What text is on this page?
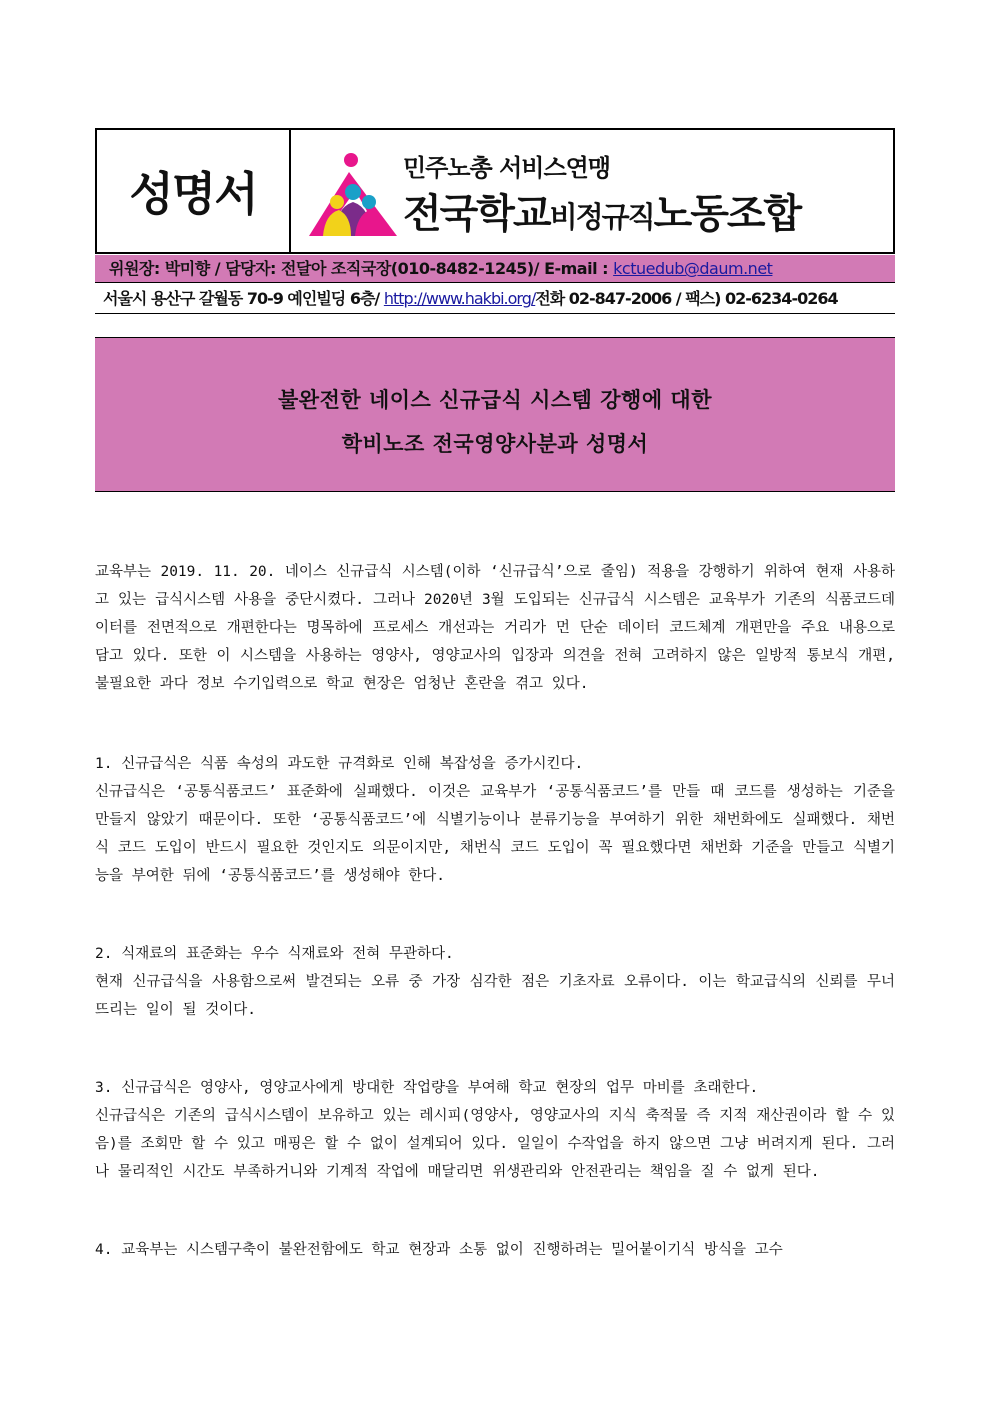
성명서	민주노총 서비스연맹
전국학교비정규직노동조합
위원장: 박미향 / 담당자: 전달아 조직국장(010-8482-1245)/ E-mail : kctuedub@daum.net
서울시 용산구 갈월동 70-9 예인빌딩 6층/ http://www.hakbi.org/전화 02-847-2006 / 팩스) 02-6234-0264
불완전한 네이스 신규급식 시스템 강행에 대한
학비노조 전국영양사분과 성명서

교육부는 2019. 11. 20. 네이스 신규급식 시스템(이하 ‘신규급식’으로 줄임) 적용을 강행하기 위하여 현재 사용하고 있는 급식시스템 사용을 중단시켰다. 그러나 2020년 3월 도입되는 신규급식 시스템은 교육부가 기존의 식품코드데이터를 전면적으로 개편한다는 명목하에 프로세스 개선과는 거리가 먼 단순 데이터 코드체계 개편만을 주요 내용으로 담고 있다. 또한 이 시스템을 사용하는 영양사, 영양교사의 입장과 의견을 전혀 고려하지 않은 일방적 통보식 개편, 불필요한 과다 정보 수기입력으로 학교 현장은 엄청난 혼란을 겪고 있다.

1. 신규급식은 식품 속성의 과도한 규격화로 인해 복잡성을 증가시킨다.

신규급식은 ‘공통식품코드’ 표준화에 실패했다. 이것은 교육부가 ‘공통식품코드’를 만들 때 코드를 생성하는 기준을 만들지 않았기 때문이다. 또한 ‘공통식품코드’에 식별기능이나 분류기능을 부여하기 위한 채번화에도 실패했다. 채번식 코드 도입이 반드시 필요한 것인지도 의문이지만, 채번식 코드 도입이 꼭 필요했다면 채번화 기준을 만들고 식별기능을 부여한 뒤에 ‘공통식품코드’를 생성해야 한다.

2. 식재료의 표준화는 우수 식재료와 전혀 무관하다.

현재 신규급식을 사용함으로써 발견되는 오류 중 가장 심각한 점은 기초자료 오류이다. 이는 학교급식의 신뢰를 무너뜨리는 일이 될 것이다.

3. 신규급식은 영양사, 영양교사에게 방대한 작업량을 부여해 학교 현장의 업무 마비를 초래한다.

신규급식은 기존의 급식시스템이 보유하고 있는 레시피(영양사, 영양교사의 지식 축적물 즉 지적 재산권이라 할 수 있음)를 조회만 할 수 있고 매핑은 할 수 없이 설계되어 있다. 일일이 수작업을 하지 않으면 그냥 버려지게 된다. 그러나 물리적인 시간도 부족하거니와 기계적 작업에 매달리면 위생관리와 안전관리는 책임을 질 수 없게 된다.

4. 교육부는 시스템구축이 불완전함에도 학교 현장과 소통 없이 진행하려는 밀어붙이기식 방식을 고수
